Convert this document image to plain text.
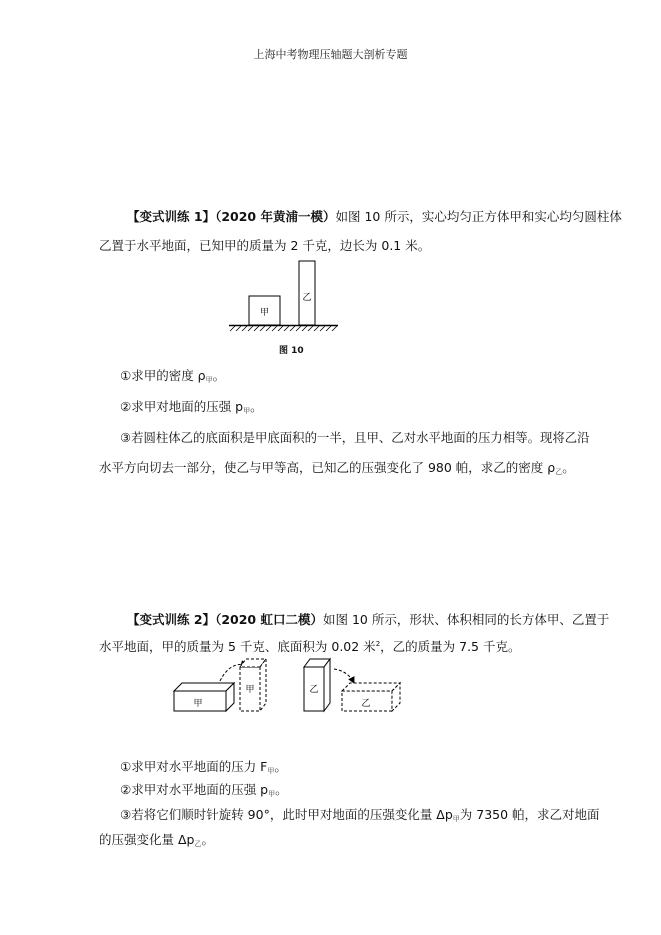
上海中考物理压轴题大剖析专题
【变式训练 1】（2020 年黄浦一模）如图 10 所示，实心均匀正方体甲和实心均匀圆柱体
乙置于水平地面，已知甲的质量为 2 千克，边长为 0.1 米。
甲
乙
图 10
①求甲的密度 $\rho_甲$。
②求甲对地面的压强 $p_甲$。
③若圆柱体乙的底面积是甲底面积的一半，且甲、乙对水平地面的压力相等。现将乙沿
水平方向切去一部分，使乙与甲等高，已知乙的压强变化了 980 帕，求乙的密度 $\rho_乙$。
【变式训练 2】（2020 虹口二模）如图 10 所示，形状、体积相同的长方体甲、乙置于
水平地面，甲的质量为 5 千克、底面积为 0.02 米$^2$，乙的质量为 7.5 千克。
甲
甲	乙
乙
①求甲对水平地面的压力 $F_甲$。
②求甲对水平地面的压强 $p_甲$。
③若将它们顺时针旋转 90°，此时甲对地面的压强变化量 $\Delta p_甲$为 7350 帕，求乙对地面
的压强变化量 $\Delta p_乙$。
